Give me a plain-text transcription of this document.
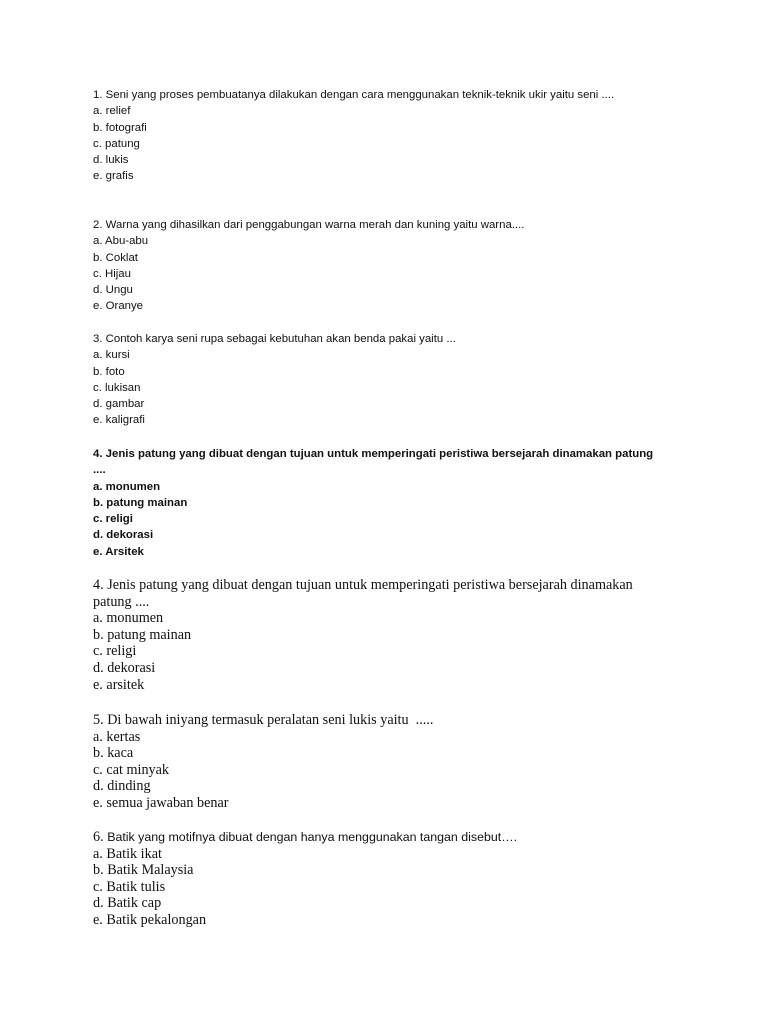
1. Seni yang proses pembuatanya dilakukan dengan cara menggunakan teknik-teknik ukir yaitu seni ....

a. relief
b. fotografi
c. patung
d. lukis
e. grafis

2. Warna yang dihasilkan dari penggabungan warna merah dan kuning yaitu warna....

a. Abu-abu
b. Coklat
c. Hijau
d. Ungu
e. Oranye

3. Contoh karya seni rupa sebagai kebutuhan akan benda pakai yaitu ...

a. kursi
b. foto
c. lukisan
d. gambar
e. kaligrafi

4. Jenis patung yang dibuat dengan tujuan untuk memperingati peristiwa bersejarah dinamakan patung ....

a. monumen
b. patung mainan
c. religi
d. dekorasi
e. Arsitek

4. Jenis patung yang dibuat dengan tujuan untuk memperingati peristiwa bersejarah dinamakan patung ....

a. monumen
b. patung mainan
c. religi
d. dekorasi
e. arsitek

5. Di bawah iniyang termasuk peralatan seni lukis yaitu  .....

a. kertas
b. kaca
c. cat minyak
d. dinding
e. semua jawaban benar

6. Batik yang motifnya dibuat dengan hanya menggunakan tangan disebut….

a. Batik ikat
b. Batik Malaysia
c. Batik tulis
d. Batik cap
e. Batik pekalongan
